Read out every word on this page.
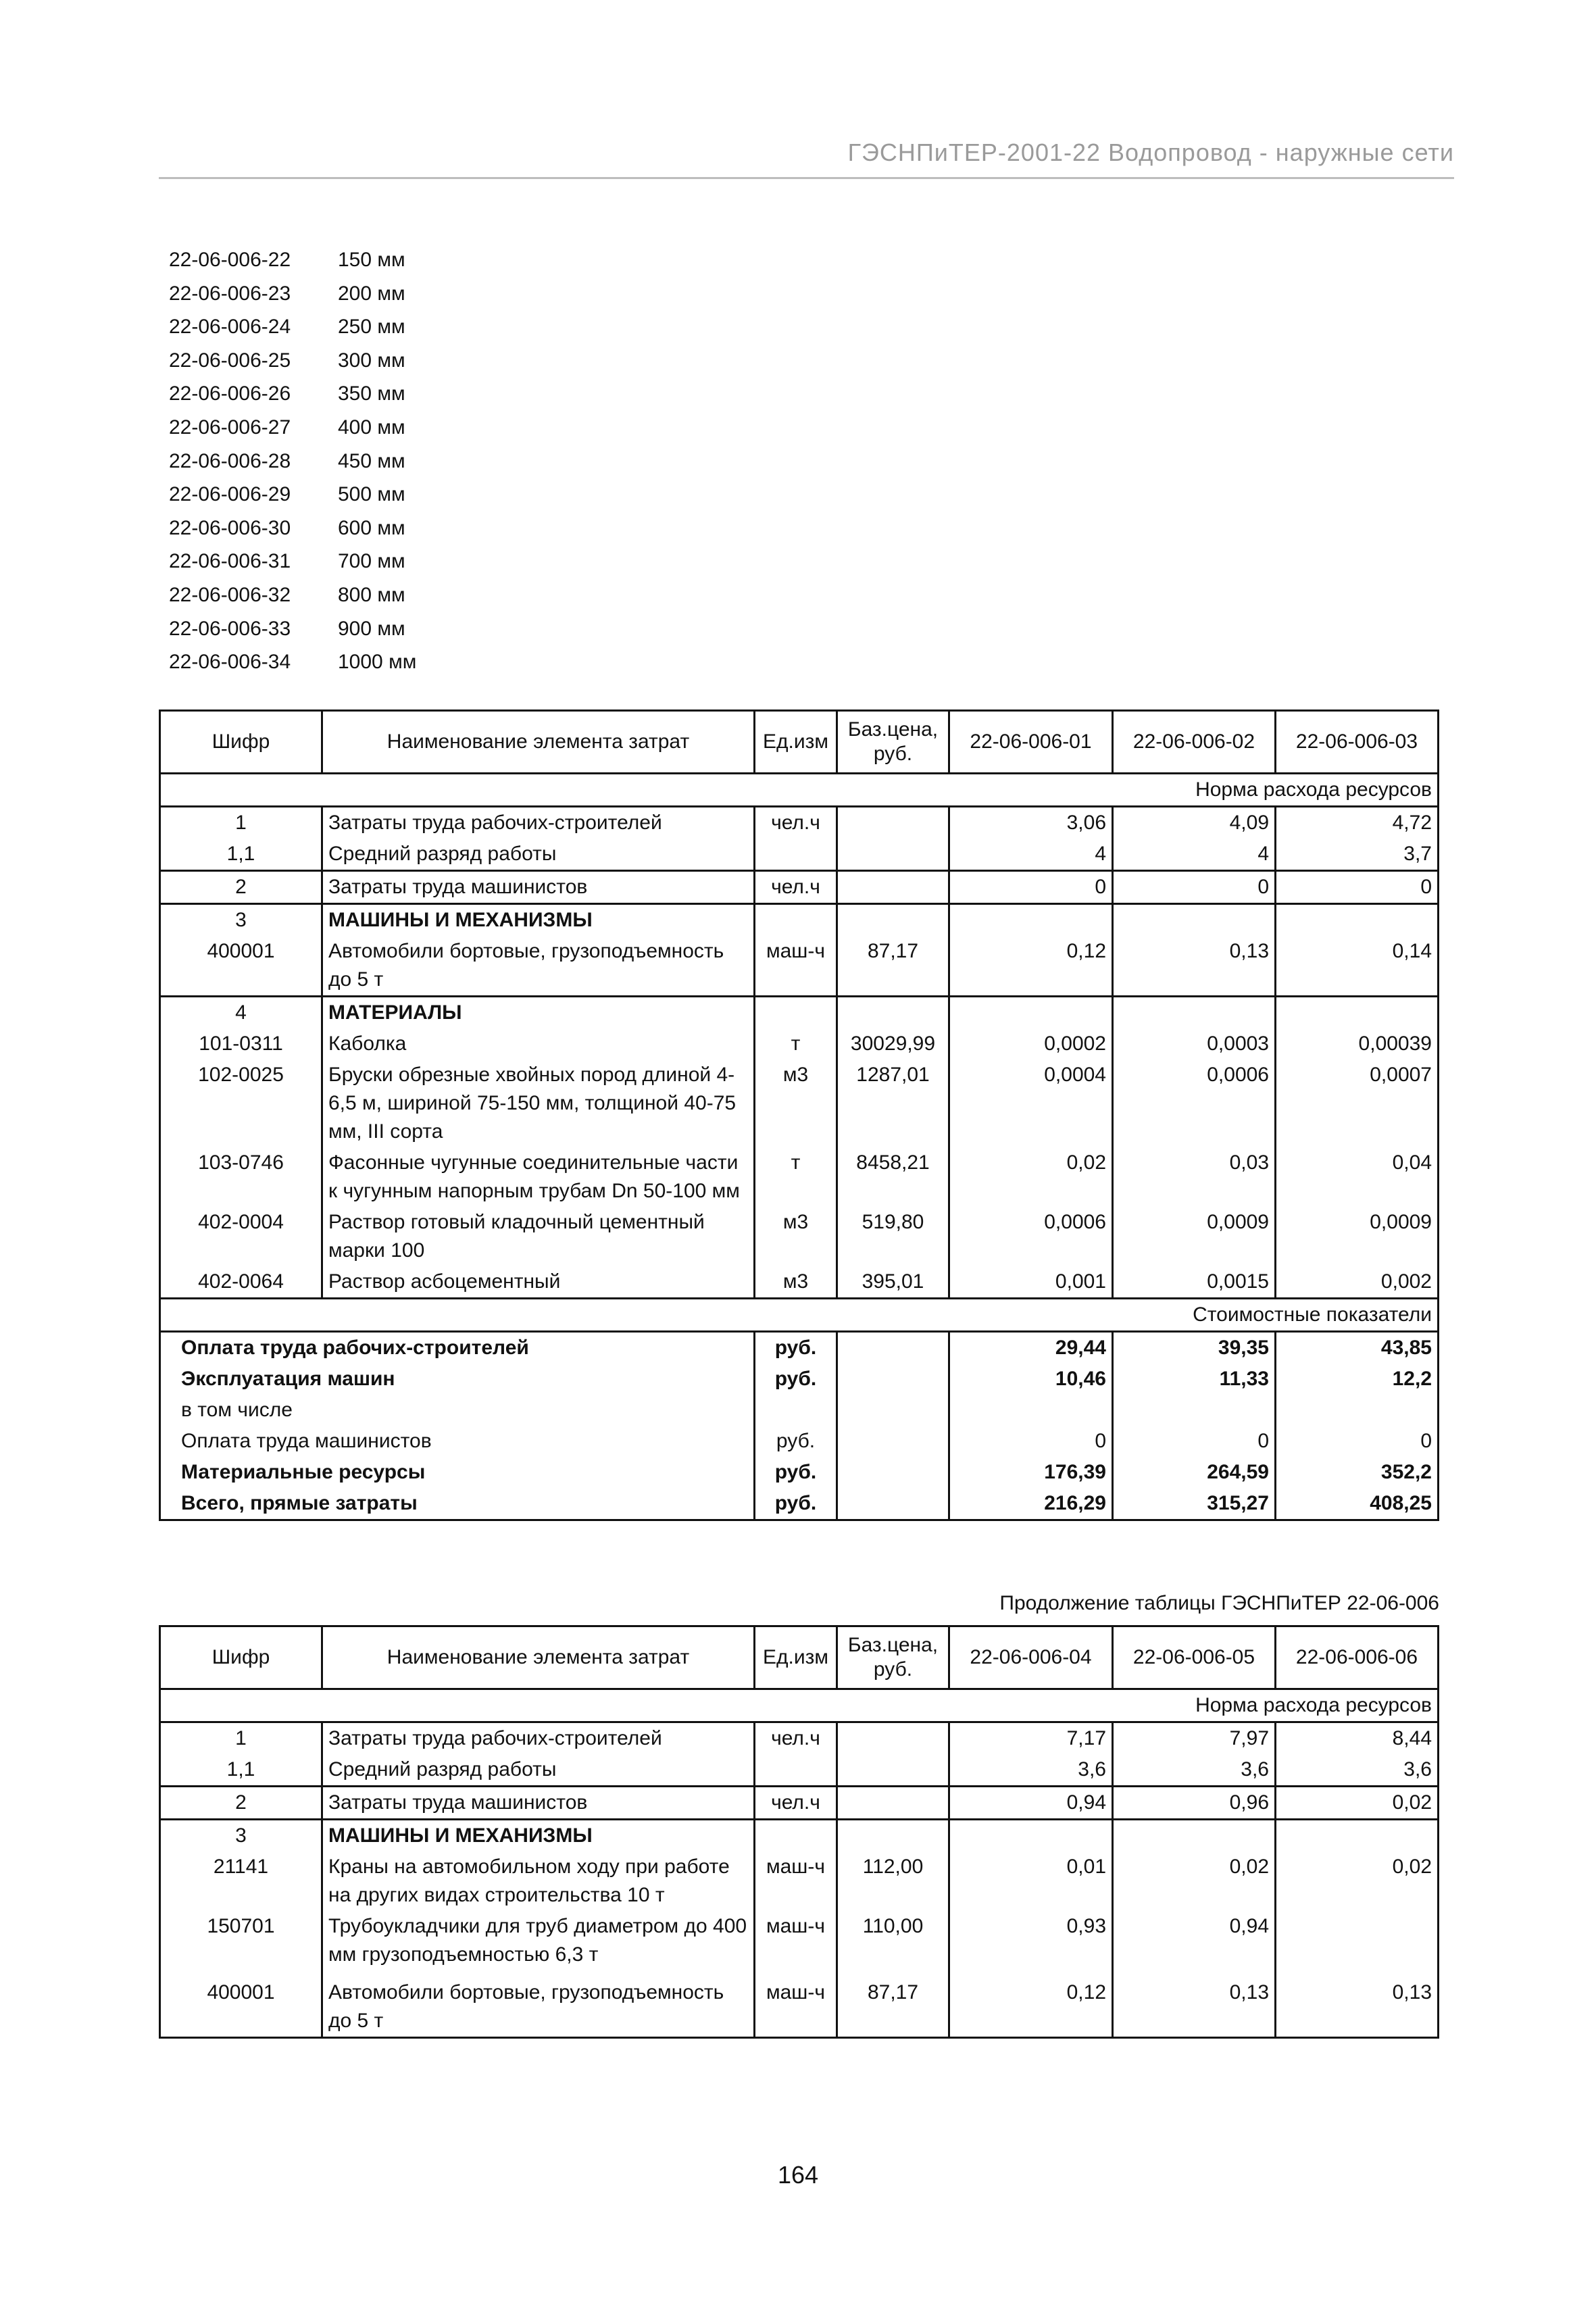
ГЭСНПиТЕР-2001-22 Водопровод - наружные сети
22-06-006-22	150 мм
22-06-006-23	200 мм
22-06-006-24	250 мм
22-06-006-25	300 мм
22-06-006-26	350 мм
22-06-006-27	400 мм
22-06-006-28	450 мм
22-06-006-29	500 мм
22-06-006-30	600 мм
22-06-006-31	700 мм
22-06-006-32	800 мм
22-06-006-33	900 мм
22-06-006-34	1000 мм
Шифр	Наименование элемента затрат	Ед.изм	Баз.цена, руб.	22-06-006-01	22-06-006-02	22-06-006-03
Норма расхода ресурсов						
1	Затраты труда рабочих-строителей	чел.ч		3,06	4,09	4,72
1,1	Средний разряд работы			4	4	3,7
2	Затраты труда машинистов	чел.ч		0	0	0
3	МАШИНЫ И МЕХАНИЗМЫ					
400001	Автомобили бортовые, грузоподъемность до 5 т	маш-ч	87,17	0,12	0,13	0,14
4	МАТЕРИАЛЫ					
101-0311	Каболка	т	30029,99	0,0002	0,0003	0,00039
102-0025	Бруски обрезные хвойных пород длиной 4-6,5 м, шириной 75-150 мм, толщиной 40-75 мм, III сорта	м3	1287,01	0,0004	0,0006	0,0007
103-0746	Фасонные чугунные соединительные части к чугунным напорным трубам Dn 50-100 мм	т	8458,21	0,02	0,03	0,04
402-0004	Раствор готовый кладочный цементный марки 100	м3	519,80	0,0006	0,0009	0,0009
402-0064	Раствор асбоцементный	м3	395,01	0,001	0,0015	0,002
Стоимостные показатели						
Оплата труда рабочих-строителей		руб.		29,44	39,35	43,85
Эксплуатация машин		руб.		10,46	11,33	12,2
в том числе						
Оплата труда машинистов		руб.		0	0	0
Материальные ресурсы		руб.		176,39	264,59	352,2
Всего, прямые затраты		руб.		216,29	315,27	408,25
Продолжение таблицы ГЭСНПиТЕР 22-06-006
Шифр	Наименование элемента затрат	Ед.изм	Баз.цена, руб.	22-06-006-04	22-06-006-05	22-06-006-06
Норма расхода ресурсов						
1	Затраты труда рабочих-строителей	чел.ч		7,17	7,97	8,44
1,1	Средний разряд работы			3,6	3,6	3,6
2	Затраты труда машинистов	чел.ч		0,94	0,96	0,02
3	МАШИНЫ И МЕХАНИЗМЫ					
21141	Краны на автомобильном ходу при работе на других видах строительства 10 т	маш-ч	112,00	0,01	0,02	0,02
150701	Трубоукладчики для труб диаметром до 400 мм грузоподъемностью 6,3 т	маш-ч	110,00	0,93	0,94	
400001	Автомобили бортовые, грузоподъемность до 5 т	маш-ч	87,17	0,12	0,13	0,13
164
